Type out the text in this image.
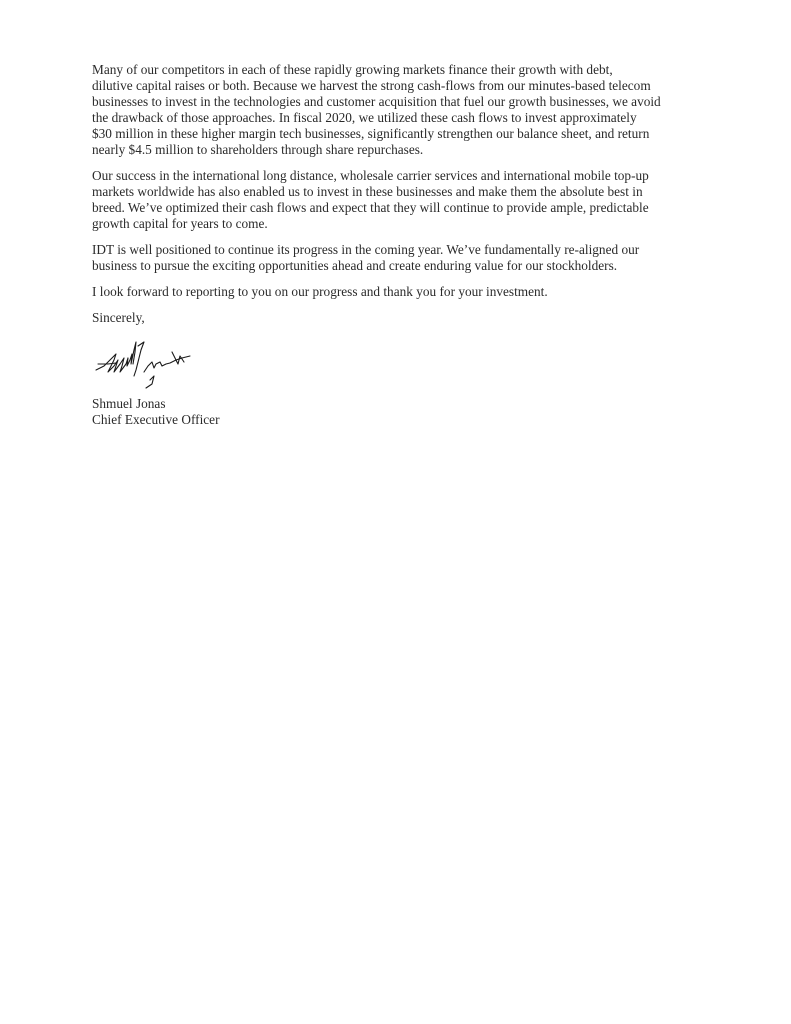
Many of our competitors in each of these rapidly growing markets finance their growth with debt,
dilutive capital raises or both. Because we harvest the strong cash-flows from our minutes-based telecom
businesses to invest in the technologies and customer acquisition that fuel our growth businesses, we avoid
the drawback of those approaches. In fiscal 2020, we utilized these cash flows to invest approximately
$30 million in these higher margin tech businesses, significantly strengthen our balance sheet, and return
nearly $4.5 million to shareholders through share repurchases.

Our success in the international long distance, wholesale carrier services and international mobile top-up
markets worldwide has also enabled us to invest in these businesses and make them the absolute best in
breed. We’ve optimized their cash flows and expect that they will continue to provide ample, predictable
growth capital for years to come.

IDT is well positioned to continue its progress in the coming year. We’ve fundamentally re-aligned our
business to pursue the exciting opportunities ahead and create enduring value for our stockholders.

I look forward to reporting to you on our progress and thank you for your investment.

Sincerely,

Shmuel Jonas
Chief Executive Officer
